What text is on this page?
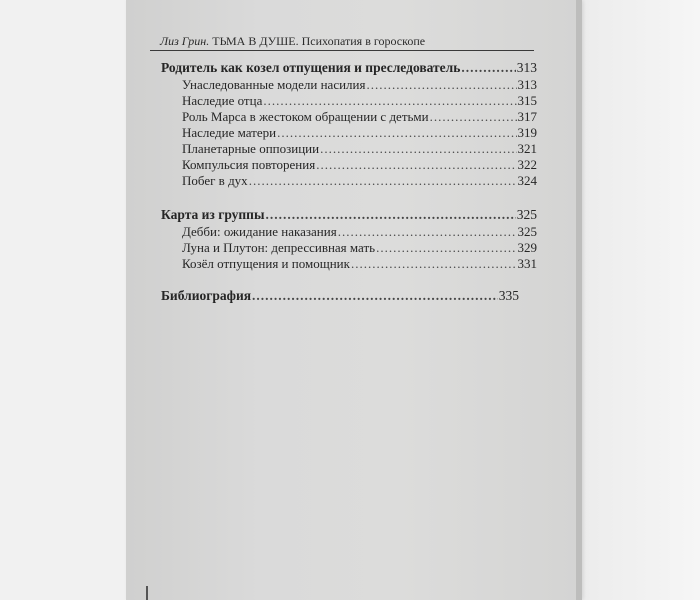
Лиз Грин. ТЬМА В ДУШЕ. Психопатия в гороскопе
Родитель как козел отпущения и преследователь .....	313
Унаследованные модели насилия .....	313
Наследие отца .....	315
Роль Марса в жестоком обращении с детьми .....	317
Наследие матери .....	319
Планетарные оппозиции .....	321
Компульсия повторения .....	322
Побег в дух .....	324
Карта из группы .....	325
Дебби: ожидание наказания .....	325
Луна и Плутон: депрессивная мать .....	329
Козёл отпущения и помощник .....	331
Библиография .....	335
